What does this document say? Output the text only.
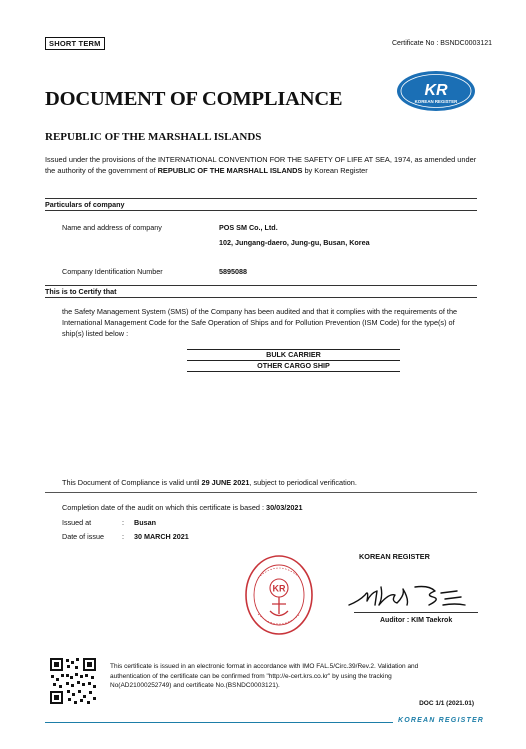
SHORT TERM	Certificate No : BSNDC0003121
KR
KOREAN REGISTER
DOCUMENT OF COMPLIANCE
REPUBLIC OF THE MARSHALL ISLANDS
Issued under the provisions of the INTERNATIONAL CONVENTION FOR THE SAFETY OF LIFE AT SEA, 1974, as amended under the authority of the government of REPUBLIC OF THE MARSHALL ISLANDS by Korean Register
Particulars of company
Name and address of company	POS SM Co., Ltd.
102, Jungang-daero, Jung-gu, Busan, Korea
Company Identification Number	5895088
This is to Certify that
the Safety Management System (SMS) of the Company has been audited and that it complies with the requirements of the International Management Code for the Safe Operation of Ships and for Pollution Prevention (ISM Code) for the type(s) of ship(s) listed below :
BULK CARRIER
OTHER CARGO SHIP
This Document of Compliance is valid until 29 JUNE 2021, subject to periodical verification.
Completion date of the audit on which this certificate is based : 30/03/2021
Issued at	: Busan
Date of issue	: 30 MARCH 2021
KR
KOREAN REGISTER
Auditor : KIM Taekrok
This certificate is issued in an electronic format in accordance with IMO FAL.5/Circ.39/Rev.2. Validation and authentication of the certificate can be confirmed from "http://e-cert.krs.co.kr" by using the tracking No(AD21000252749) and certificate No.(BSNDC0003121).
DOC 1/1 (2021.01)
KOREAN REGISTER
